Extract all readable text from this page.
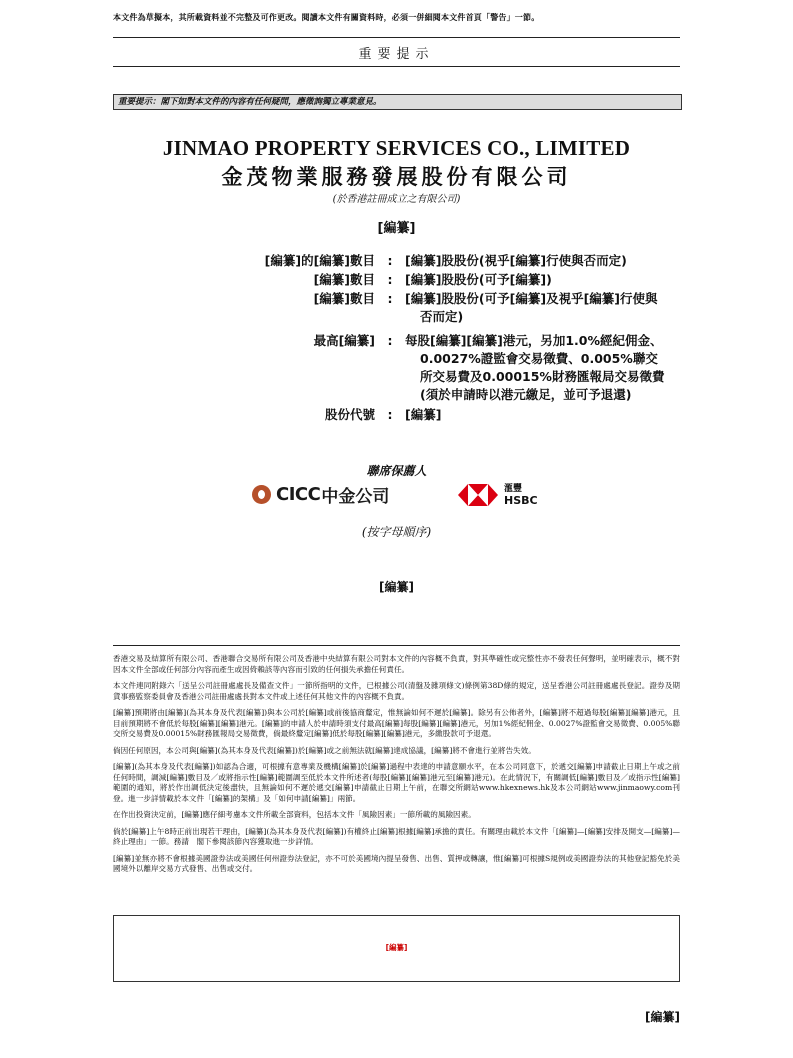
本文件為草擬本，其所載資料並不完整及可作更改。閱讀本文件有關資料時，必須一併細閱本文件首頁「警告」一節。
重要提示
重要提示：閣下如對本文件的內容有任何疑問，應徵詢獨立專業意見。
JINMAO PROPERTY SERVICES CO., LIMITED
金茂物業服務發展股份有限公司
(於香港註冊成立之有限公司)
[編纂]
[編纂]的[編纂]數目	:	[編纂]股股份(視乎[編纂]行使與否而定)
[編纂]數目	:	[編纂]股股份(可予[編纂])
[編纂]數目	:	[編纂]股股份(可予[編纂]及視乎[編纂]行使與否而定)
最高[編纂]	:	每股[編纂][編纂]港元，另加1.0%經紀佣金、0.0027%證監會交易徵費、0.005%聯交所交易費及0.00015%財務匯報局交易徵費(須於申請時以港元繳足，並可予退還)
股份代號	:	[編纂]
聯席保薦人
CICC 中金公司	滙豐
HSBC
(按字母順序)
[編纂]

香港交易及結算所有限公司、香港聯合交易所有限公司及香港中央結算有限公司對本文件的內容概不負責，對其準確性或完整性亦不發表任何聲明，並明確表示，概不對因本文件全部或任何部分內容而產生或因倚賴該等內容而引致的任何損失承擔任何責任。

本文件連同附錄六「送呈公司註冊處處長及備查文件」一節所指明的文件，已根據公司(清盤及雜項條文)條例第38D條的規定，送呈香港公司註冊處處長登記。證券及期貨事務監察委員會及香港公司註冊處處長對本文件或上述任何其他文件的內容概不負責。

[編纂]預期將由[編纂](為其本身及代表[編纂])與本公司於[編纂]或前後協商釐定，惟無論如何不遲於[編纂]。除另有公佈者外，[編纂]將不超過每股[編纂][編纂]港元，且目前預期將不會低於每股[編纂][編纂]港元。[編纂]的申請人於申請時須支付最高[編纂]每股[編纂][編纂]港元，另加1%經紀佣金、0.0027%證監會交易徵費、0.005%聯交所交易費及0.00015%財務匯報局交易徵費，倘最終釐定[編纂]低於每股[編纂][編纂]港元，多繳股款可予退還。

倘因任何原因，本公司與[編纂](為其本身及代表[編纂])於[編纂]或之前無法就[編纂]達成協議，[編纂]將不會進行並將告失效。

[編纂](為其本身及代表[編纂])如認為合適，可根據有意專業及機構[編纂]於[編纂]過程中表達的申請意願水平，在本公司同意下，於遞交[編纂]申請截止日期上午或之前任何時間，調減[編纂]數目及／或將指示性[編纂]範圍調至低於本文件所述者(每股[編纂][編纂]港元至[編纂]港元)。在此情況下，有關調低[編纂]數目及／或指示性[編纂]範圍的通知，將於作出調低決定後盡快，且無論如何不遲於遞交[編纂]申請截止日期上午前，在聯交所網站www.hkexnews.hk及本公司網站www.jinmaowy.com刊登。進一步詳情載於本文件「[編纂]的架構」及「如何申請[編纂]」兩節。

在作出投資決定前，[編纂]應仔細考慮本文件所載全部資料，包括本文件「風險因素」一節所載的風險因素。

倘於[編纂]上午8時正前出現若干理由，[編纂](為其本身及代表[編纂])有權終止[編纂]根據[編纂]承擔的責任。有關理由載於本文件「[編纂]—[編纂]安排及開支—[編纂]—終止理由」一節。務請　閣下參閱該節內容獲取進一步詳情。

[編纂]並無亦將不會根據美國證券法或美國任何州證券法登記，亦不可於美國境內提呈發售、出售、質押或轉讓，惟[編纂]可根據S規例或美國證券法的其他登記豁免於美國境外以離岸交易方式發售、出售或交付。

[編纂]
[編纂]
